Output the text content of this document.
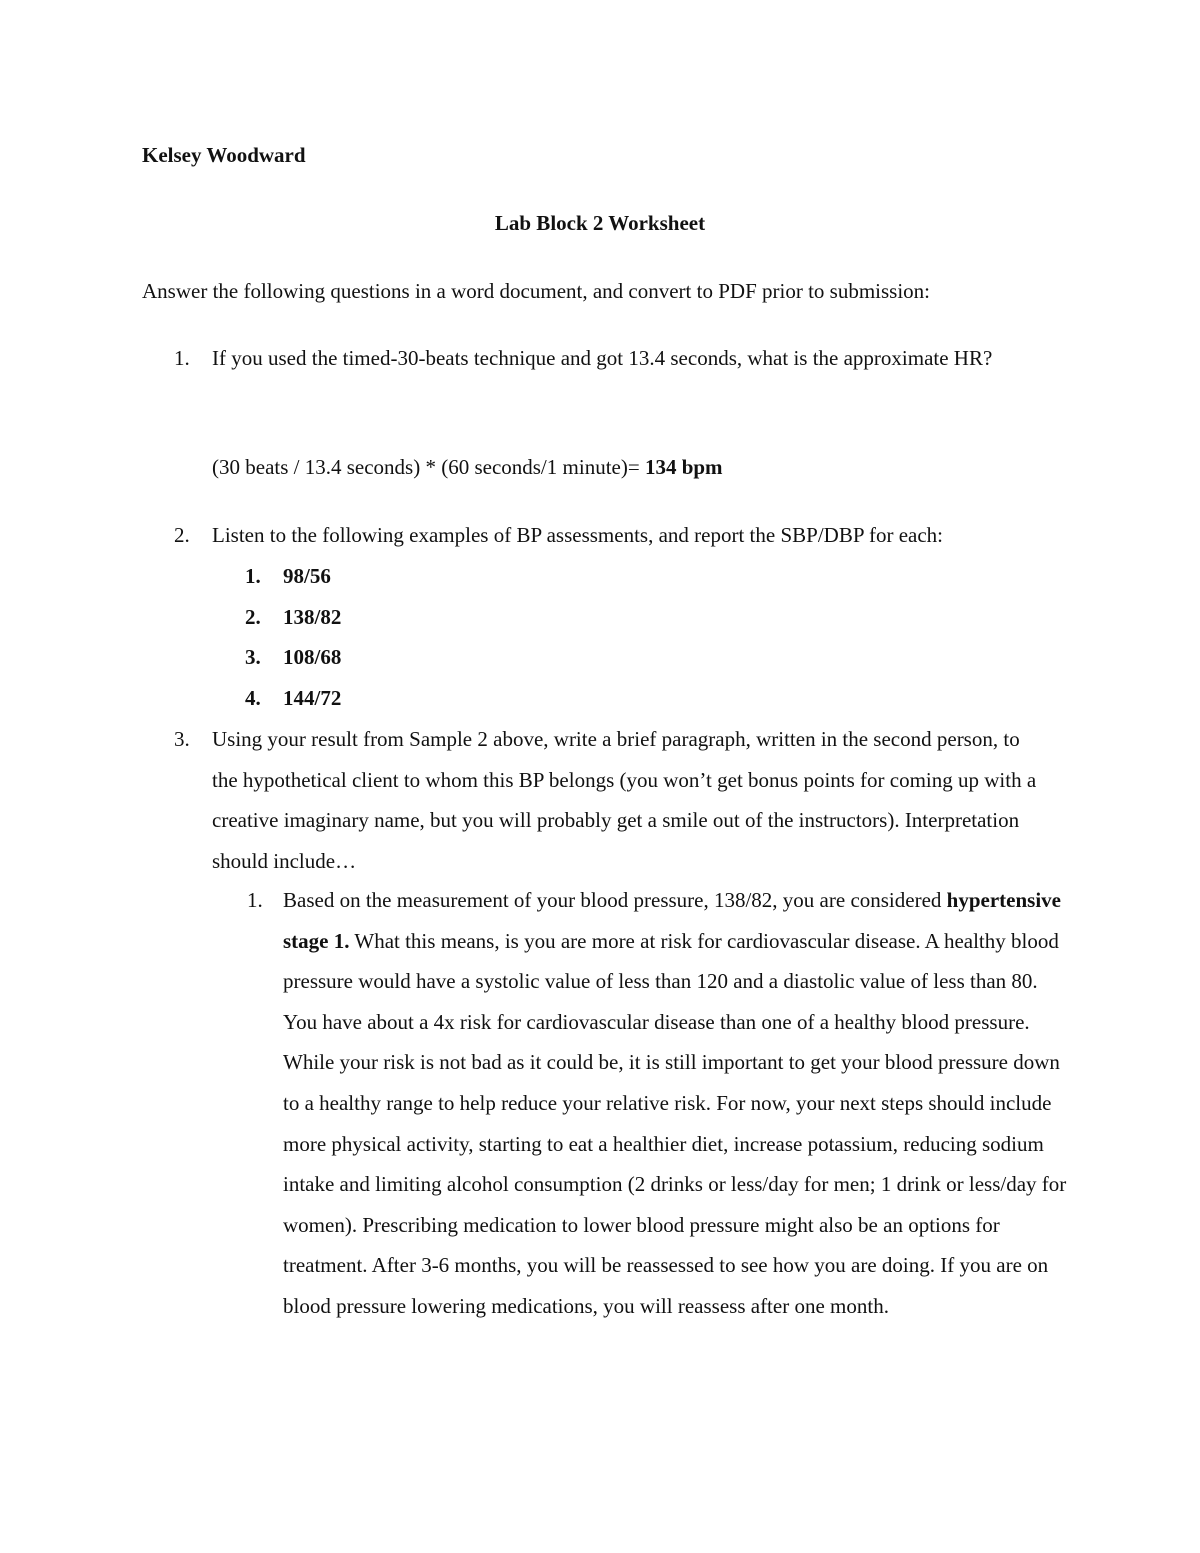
Kelsey Woodward
Lab Block 2 Worksheet
Answer the following questions in a word document, and convert to PDF prior to submission:
1. If you used the timed-30-beats technique and got 13.4 seconds, what is the approximate HR?
(30 beats / 13.4 seconds) * (60 seconds/1 minute)= 134 bpm
2. Listen to the following examples of BP assessments, and report the SBP/DBP for each:
1. 98/56
2. 138/82
3. 108/68
4. 144/72
3. Using your result from Sample 2 above, write a brief paragraph, written in the second person, to the hypothetical client to whom this BP belongs (you won’t get bonus points for coming up with a creative imaginary name, but you will probably get a smile out of the instructors). Interpretation should include…
1. Based on the measurement of your blood pressure, 138/82, you are considered hypertensive stage 1. What this means, is you are more at risk for cardiovascular disease. A healthy blood pressure would have a systolic value of less than 120 and a diastolic value of less than 80. You have about a 4x risk for cardiovascular disease than one of a healthy blood pressure. While your risk is not bad as it could be, it is still important to get your blood pressure down to a healthy range to help reduce your relative risk. For now, your next steps should include more physical activity, starting to eat a healthier diet, increase potassium, reducing sodium intake and limiting alcohol consumption (2 drinks or less/day for men; 1 drink or less/day for women). Prescribing medication to lower blood pressure might also be an options for treatment. After 3-6 months, you will be reassessed to see how you are doing. If you are on blood pressure lowering medications, you will reassess after one month.
